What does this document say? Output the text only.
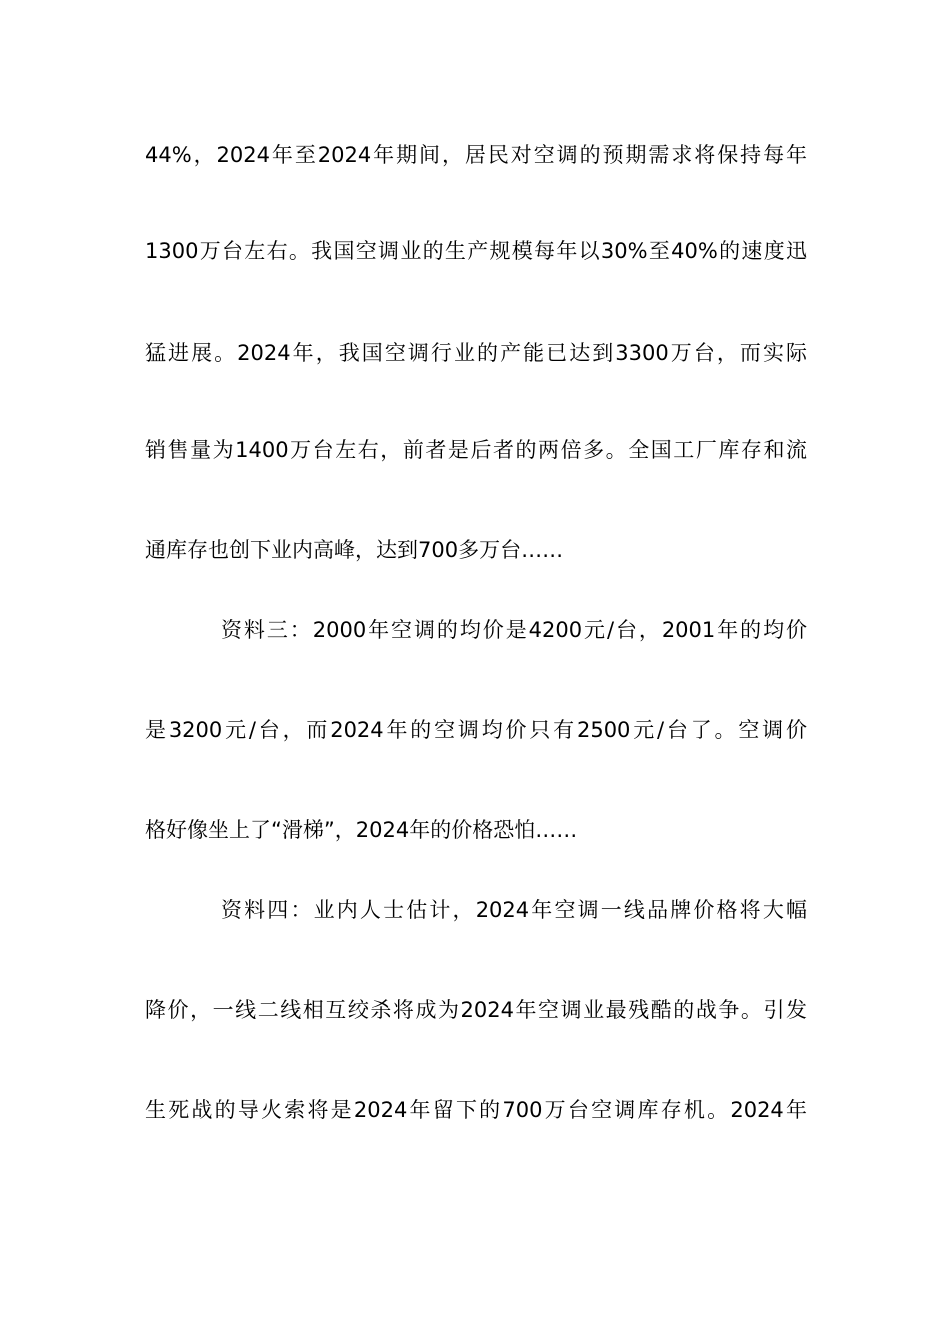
44%，2024年至2024年期间，居民对空调的预期需求将保持每年
1300万台左右。我国空调业的生产规模每年以30%至40%的速度迅
猛进展。2024年，我国空调行业的产能已达到3300万台，而实际
销售量为1400万台左右，前者是后者的两倍多。全国工厂库存和流
通库存也创下业内高峰，达到700多万台……
资料三：2000年空调的均价是4200元/台，2001年的均价
是3200元/台，而2024年的空调均价只有2500元/台了。空调价
格好像坐上了“滑梯”，2024年的价格恐怕……
资料四：业内人士估计，2024年空调一线品牌价格将大幅
降价，一线二线相互绞杀将成为2024年空调业最残酷的战争。引发
生死战的导火索将是2024年留下的700万台空调库存机。2024年
